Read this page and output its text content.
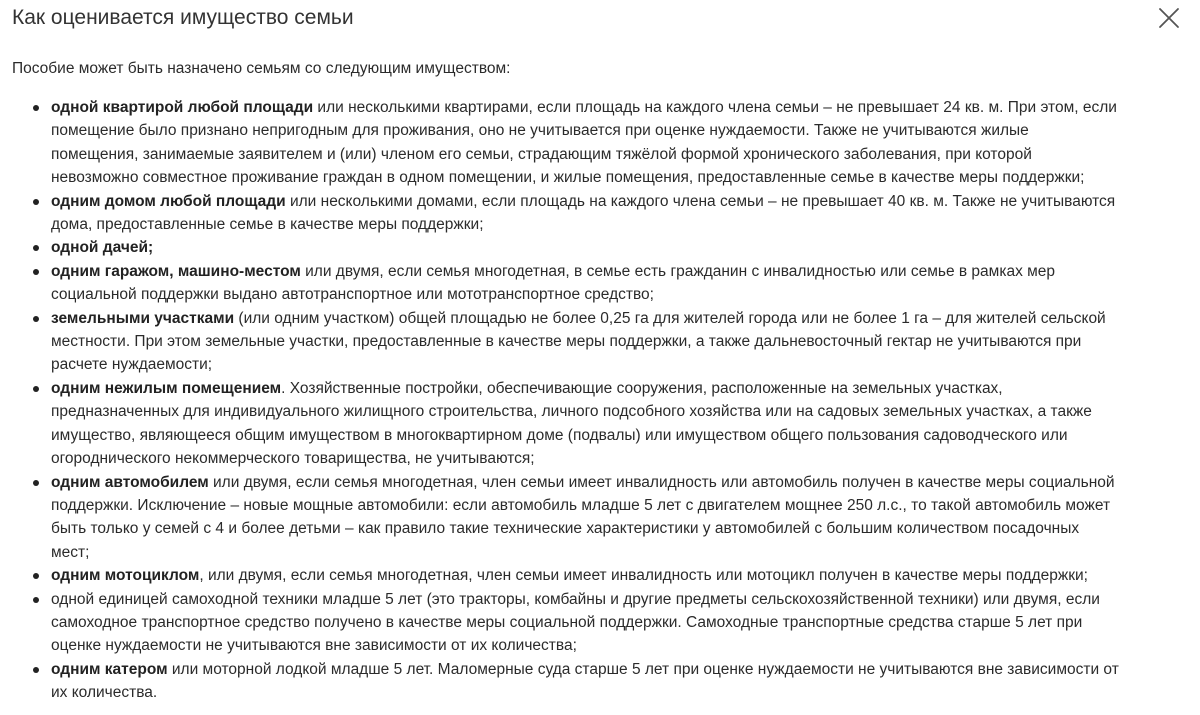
Как оценивается имущество семьи

Пособие может быть назначено семьям со следующим имуществом:

одной квартирой любой площади или несколькими квартирами, если площадь на каждого члена семьи – не превышает 24 кв. м. При этом, если
помещение было признано непригодным для проживания, оно не учитывается при оценке нуждаемости. Также не учитываются жилые
помещения, занимаемые заявителем и (или) членом его семьи, страдающим тяжёлой формой хронического заболевания, при которой
невозможно совместное проживание граждан в одном помещении, и жилые помещения, предоставленные семье в качестве меры поддержки;
одним домом любой площади или несколькими домами, если площадь на каждого члена семьи – не превышает 40 кв. м. Также не учитываются
дома, предоставленные семье в качестве меры поддержки;
одной дачей;
одним гаражом, машино-местом или двумя, если семья многодетная, в семье есть гражданин с инвалидностью или семье в рамках мер
социальной поддержки выдано автотранспортное или мототранспортное средство;
земельными участками (или одним участком) общей площадью не более 0,25 га для жителей города или не более 1 га – для жителей сельской
местности. При этом земельные участки, предоставленные в качестве меры поддержки, а также дальневосточный гектар не учитываются при
расчете нуждаемости;
одним нежилым помещением. Хозяйственные постройки, обеспечивающие сооружения, расположенные на земельных участках,
предназначенных для индивидуального жилищного строительства, личного подсобного хозяйства или на садовых земельных участках, а также
имущество, являющееся общим имуществом в многоквартирном доме (подвалы) или имуществом общего пользования садоводческого или
огороднического некоммерческого товарищества, не учитываются;
одним автомобилем или двумя, если семья многодетная, член семьи имеет инвалидность или автомобиль получен в качестве меры социальной
поддержки. Исключение – новые мощные автомобили: если автомобиль младше 5 лет с двигателем мощнее 250 л.с., то такой автомобиль может
быть только у семей с 4 и более детьми – как правило такие технические характеристики у автомобилей с большим количеством посадочных
мест;
одним мотоциклом, или двумя, если семья многодетная, член семьи имеет инвалидность или мотоцикл получен в качестве меры поддержки;
одной единицей самоходной техники младше 5 лет (это тракторы, комбайны и другие предметы сельскохозяйственной техники) или двумя, если
самоходное транспортное средство получено в качестве меры социальной поддержки. Самоходные транспортные средства старше 5 лет при
оценке нуждаемости не учитываются вне зависимости от их количества;
одним катером или моторной лодкой младше 5 лет. Маломерные суда старше 5 лет при оценке нуждаемости не учитываются вне зависимости от
их количества.
